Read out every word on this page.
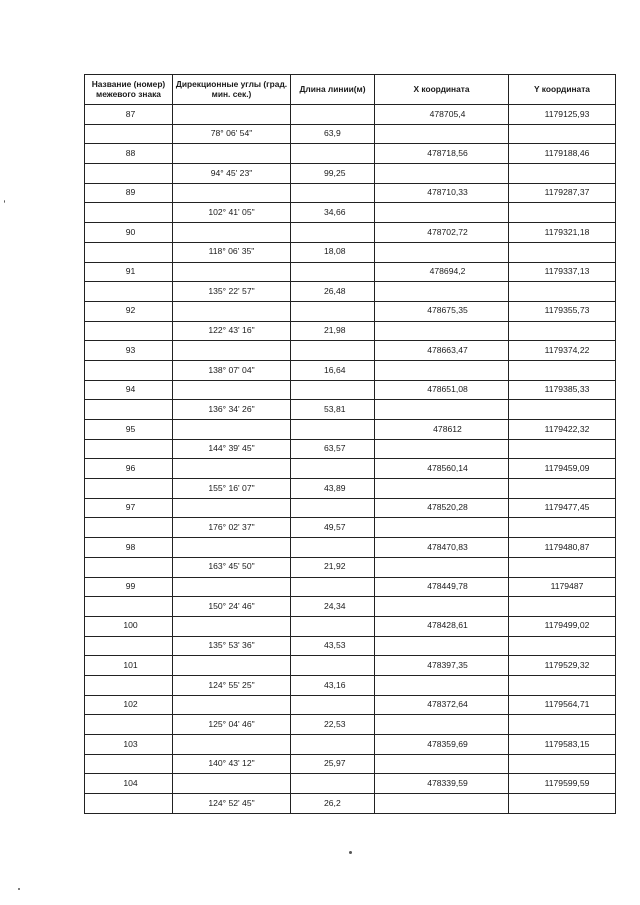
Название (номер) межевого знака	Дирекционные углы (град. мин. сек.)	Длина линии(м)	X координата	Y координата
87			478705,4	1179125,93
	78° 06' 54"	63,9		
88			478718,56	1179188,46
	94° 45' 23"	99,25		
89			478710,33	1179287,37
	102° 41' 05"	34,66		
90			478702,72	1179321,18
	118° 06' 35"	18,08		
91			478694,2	1179337,13
	135° 22' 57"	26,48		
92			478675,35	1179355,73
	122° 43' 16"	21,98		
93			478663,47	1179374,22
	138° 07' 04"	16,64		
94			478651,08	1179385,33
	136° 34' 26"	53,81		
95			478612	1179422,32
	144° 39' 45"	63,57		
96			478560,14	1179459,09
	155° 16' 07"	43,89		
97			478520,28	1179477,45
	176° 02' 37"	49,57		
98			478470,83	1179480,87
	163° 45' 50"	21,92		
99			478449,78	1179487
	150° 24' 46"	24,34		
100			478428,61	1179499,02
	135° 53' 36"	43,53		
101			478397,35	1179529,32
	124° 55' 25"	43,16		
102			478372,64	1179564,71
	125° 04' 46"	22,53		
103			478359,69	1179583,15
	140° 43' 12"	25,97		
104			478339,59	1179599,59
	124° 52' 45"	26,2		
